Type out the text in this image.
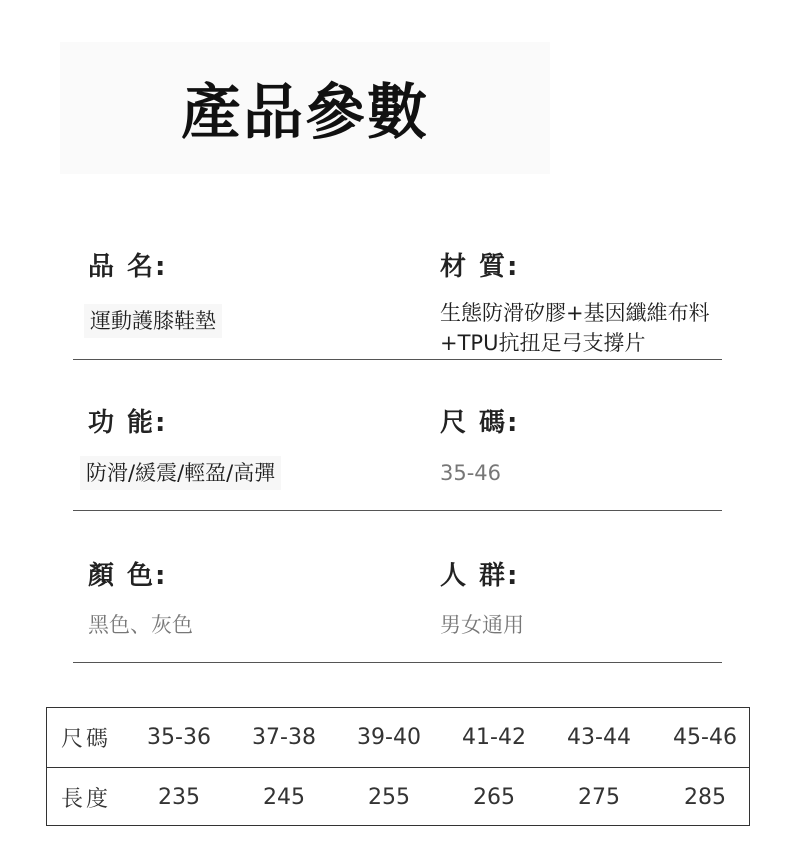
產品參數
品 名:	材 質:
運動護膝鞋墊	生態防滑矽膠+基因纖維布料
+TPU抗扭足弓支撐片
功 能:	尺 碼:
防滑/緩震/輕盈/高彈	35-46
顏 色:	人 群:
黑色、灰色	男女通用
尺碼 35-36 37-38 39-40 41-42 43-44 45-46
長度 235	245	255	265	275	285
